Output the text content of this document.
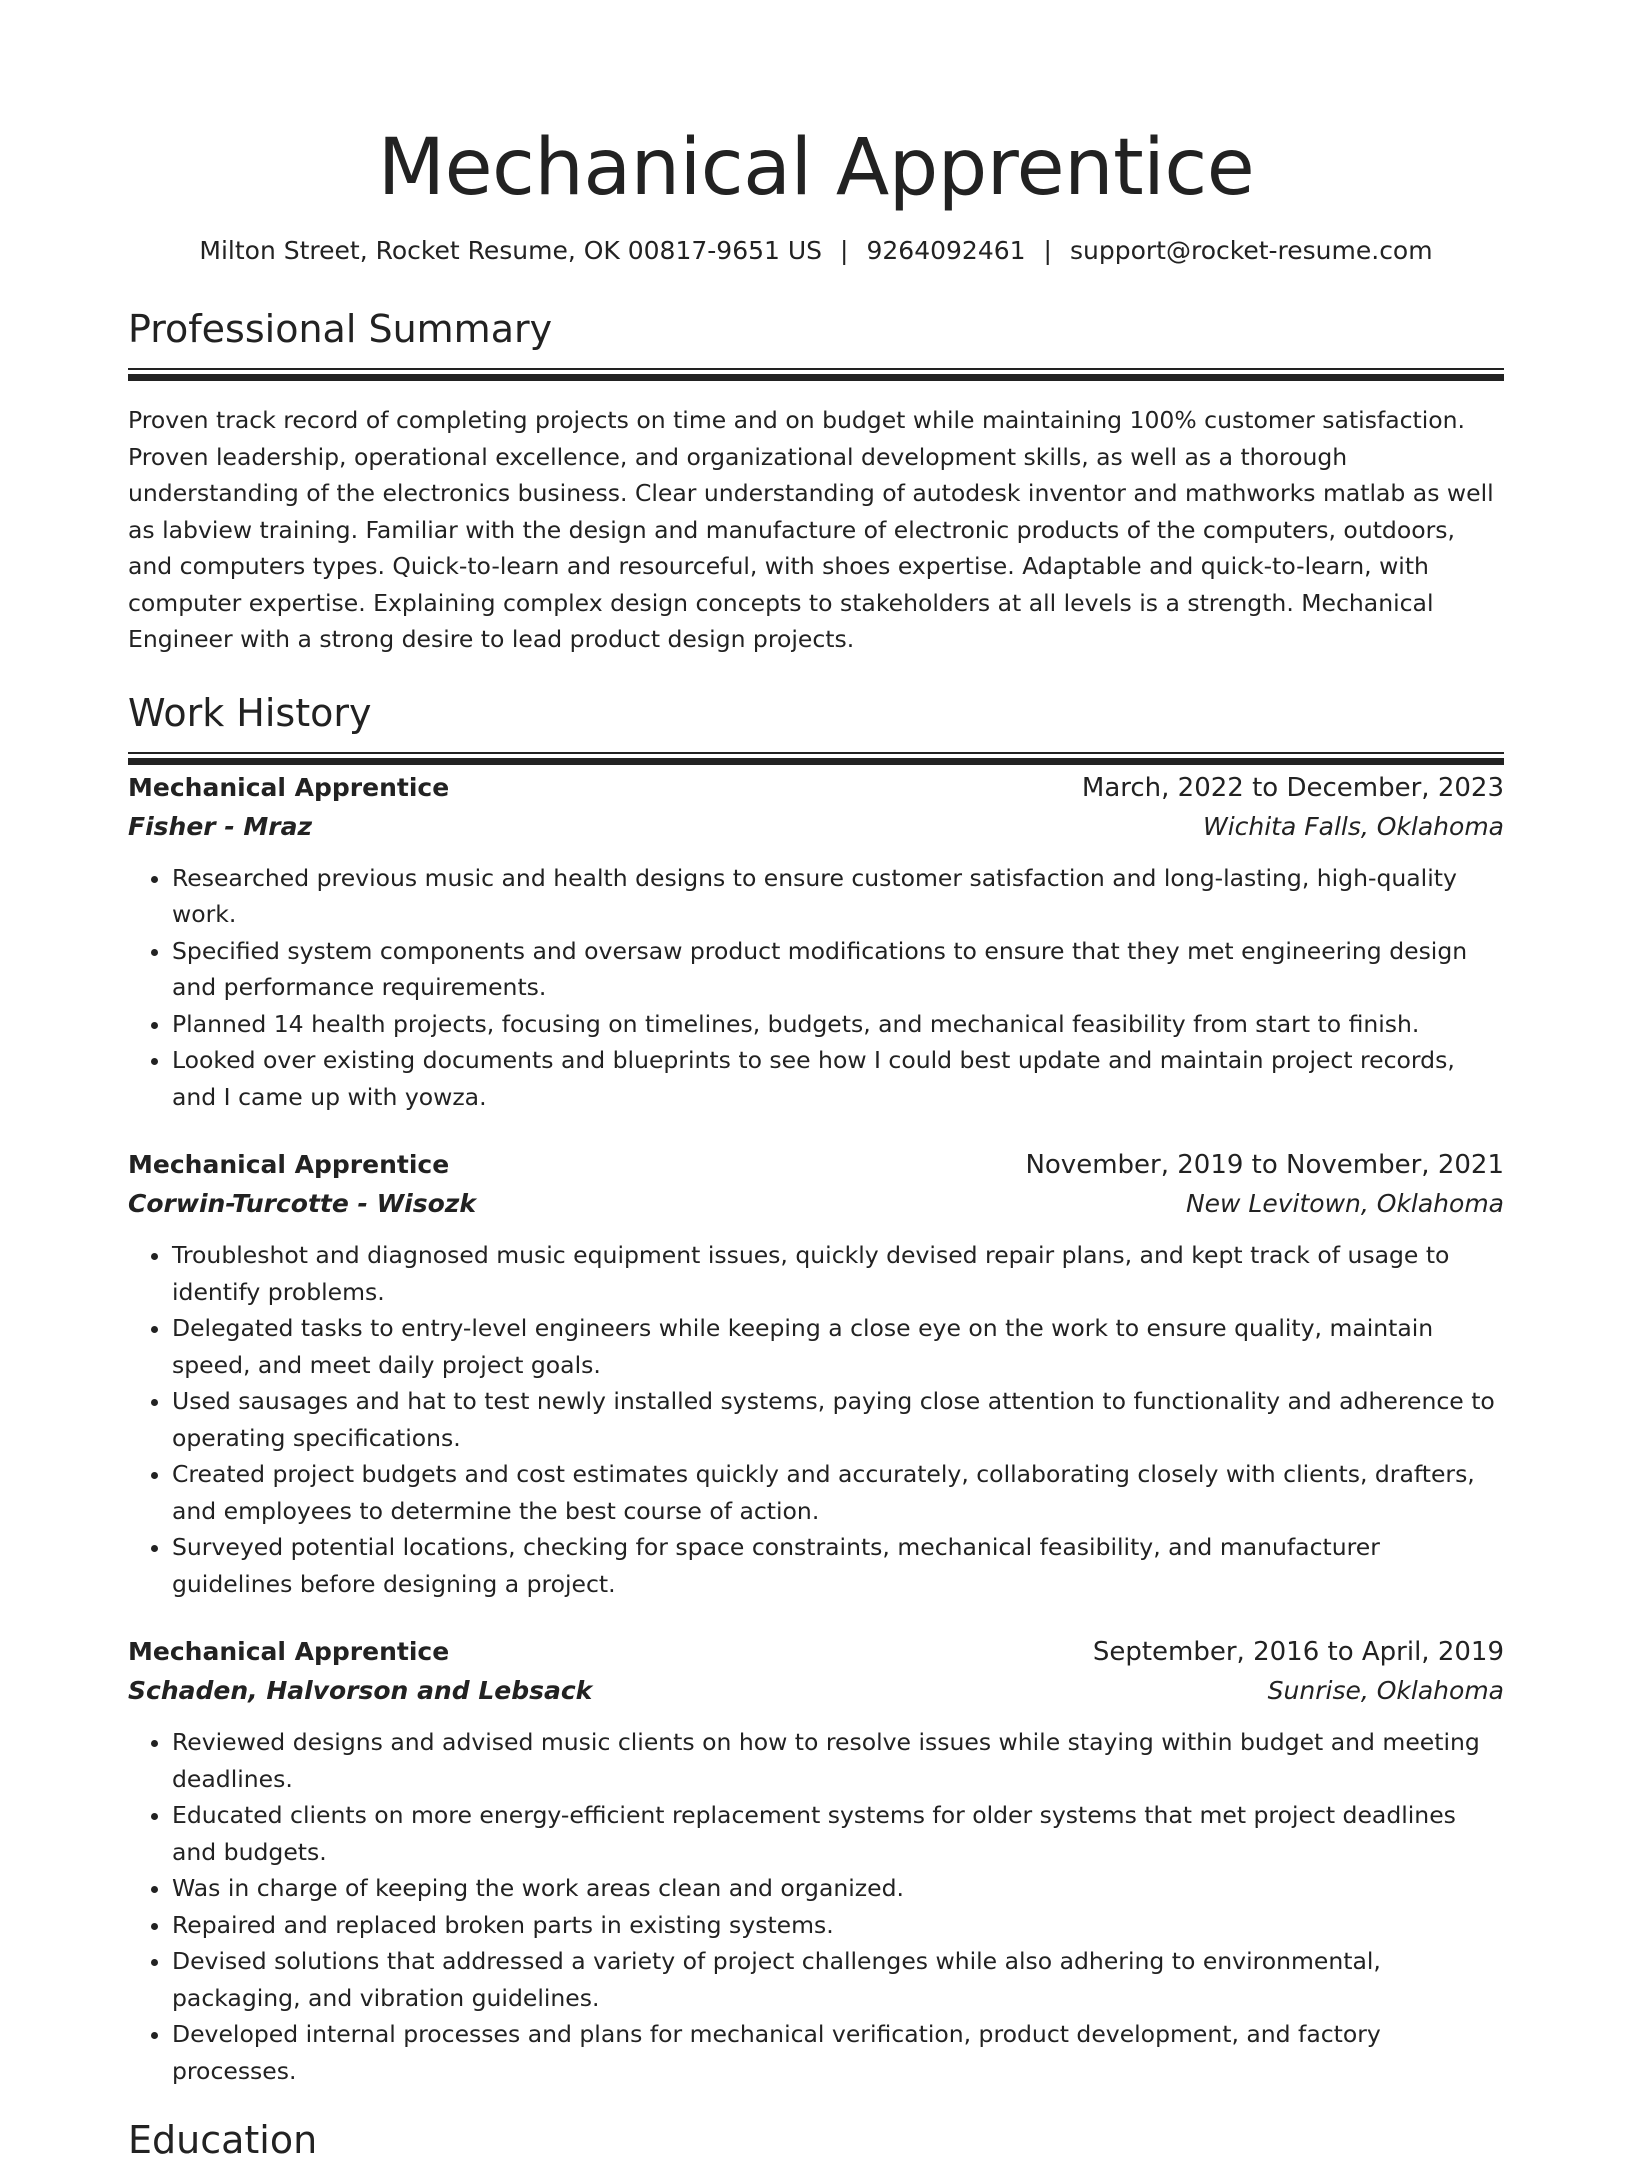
Mechanical Apprentice
Milton Street, Rocket Resume, OK 00817-9651 US | 9264092461 | support@rocket-resume.com
Professional Summary

Proven track record of completing projects on time and on budget while maintaining 100% customer satisfaction. Proven leadership, operational excellence, and organizational development skills, as well as a thorough understanding of the electronics business. Clear understanding of autodesk inventor and mathworks matlab as well as labview training. Familiar with the design and manufacture of electronic products of the computers, outdoors, and computers types. Quick-to-learn and resourceful, with shoes expertise. Adaptable and quick-to-learn, with computer expertise. Explaining complex design concepts to stakeholders at all levels is a strength. Mechanical Engineer with a strong desire to lead product design projects.

Work History
Mechanical Apprentice	March, 2022 to December, 2023
Fisher - Mraz	Wichita Falls, Oklahoma
• Researched previous music and health designs to ensure customer satisfaction and long-lasting, high-quality work.
• Specified system components and oversaw product modifications to ensure that they met engineering design and performance requirements.
• Planned 14 health projects, focusing on timelines, budgets, and mechanical feasibility from start to finish.
• Looked over existing documents and blueprints to see how I could best update and maintain project records, and I came up with yowza.
Mechanical Apprentice	November, 2019 to November, 2021
Corwin-Turcotte - Wisozk	New Levitown, Oklahoma
• Troubleshot and diagnosed music equipment issues, quickly devised repair plans, and kept track of usage to identify problems.
• Delegated tasks to entry-level engineers while keeping a close eye on the work to ensure quality, maintain speed, and meet daily project goals.
• Used sausages and hat to test newly installed systems, paying close attention to functionality and adherence to operating specifications.
• Created project budgets and cost estimates quickly and accurately, collaborating closely with clients, drafters, and employees to determine the best course of action.
• Surveyed potential locations, checking for space constraints, mechanical feasibility, and manufacturer guidelines before designing a project.
Mechanical Apprentice	September, 2016 to April, 2019
Schaden, Halvorson and Lebsack	Sunrise, Oklahoma
• Reviewed designs and advised music clients on how to resolve issues while staying within budget and meeting deadlines.
• Educated clients on more energy-efficient replacement systems for older systems that met project deadlines and budgets.
• Was in charge of keeping the work areas clean and organized.
• Repaired and replaced broken parts in existing systems.
• Devised solutions that addressed a variety of project challenges while also adhering to environmental, packaging, and vibration guidelines.
• Developed internal processes and plans for mechanical verification, product development, and factory processes.
Education
